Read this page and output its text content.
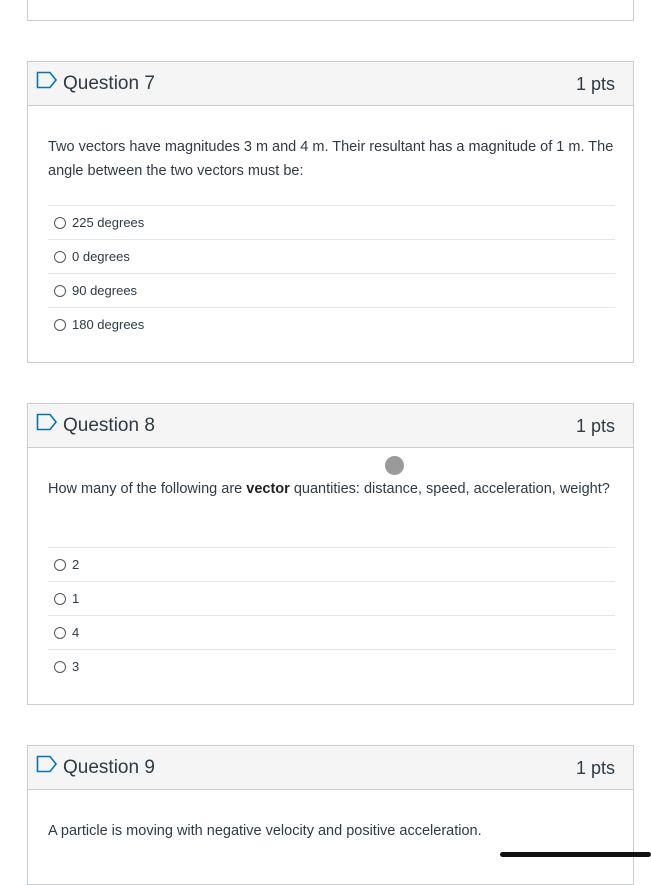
Question 7	1 pts
Two vectors have magnitudes 3 m and 4 m. Their resultant has a magnitude of 1 m. The angle between the two vectors must be:
225 degrees
0 degrees
90 degrees
180 degrees
Question 8	1 pts
How many of the following are vector quantities: distance, speed, acceleration, weight?
2
1
4
3
Question 9	1 pts
A particle is moving with negative velocity and positive acceleration.
